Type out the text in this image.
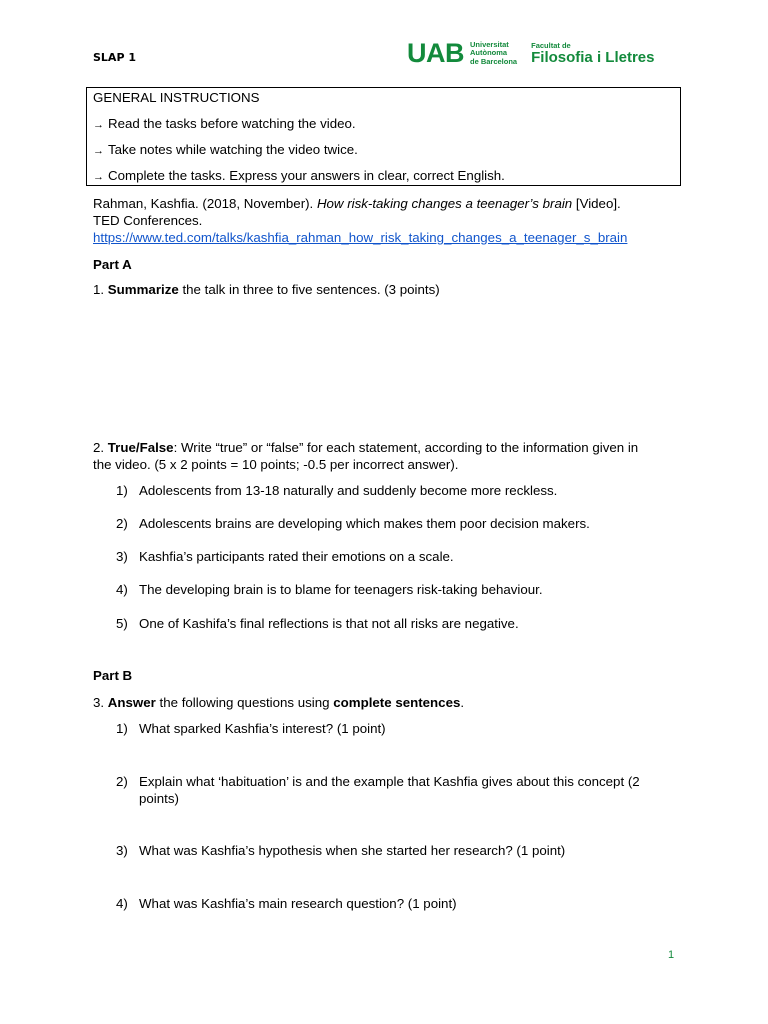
SLAP 1	UAB Universitat
Autònoma
de Barcelona
Facultat de
Filosofia i Lletres
GENERAL INSTRUCTIONS
→ Read the tasks before watching the video.
→ Take notes while watching the video twice.
→ Complete the tasks. Express your answers in clear, correct English.
Rahman, Kashfia. (2018, November). How risk-taking changes a teenager’s brain [Video].
TED Conferences.
https://www.ted.com/talks/kashfia_rahman_how_risk_taking_changes_a_teenager_s_brain
Part A
1. Summarize the talk in three to five sentences. (3 points)
2. True/False: Write “true” or “false” for each statement, according to the information given in
the video. (5 x 2 points = 10 points; -0.5 per incorrect answer).
1) Adolescents from 13-18 naturally and suddenly become more reckless.
2) Adolescents brains are developing which makes them poor decision makers.
3) Kashfia’s participants rated their emotions on a scale.
4) The developing brain is to blame for teenagers risk-taking behaviour.
5) One of Kashifa’s final reflections is that not all risks are negative.
Part B
3. Answer the following questions using complete sentences.
1) What sparked Kashfia’s interest? (1 point)
2) Explain what ‘habituation’ is and the example that Kashfia gives about this concept (2
points)
3) What was Kashfia’s hypothesis when she started her research? (1 point)
4) What was Kashfia’s main research question? (1 point)
1
